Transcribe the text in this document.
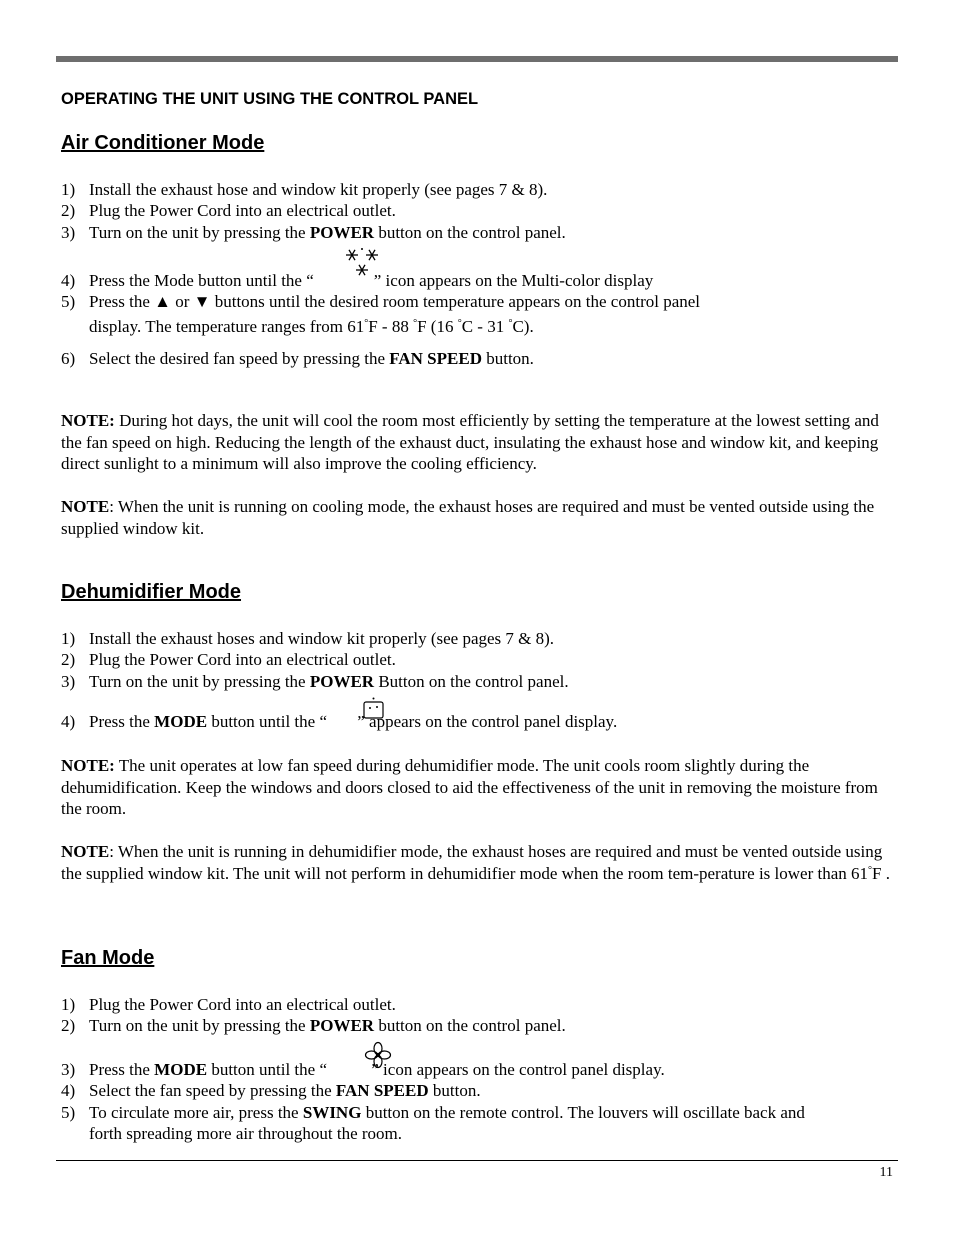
OPERATING THE UNIT USING THE CONTROL PANEL
Air Conditioner Mode
1) Install the exhaust hose and window kit properly (see pages 7 & 8).
2) Plug the Power Cord into an electrical outlet.
3) Turn on the unit by pressing the POWER button on the control panel.
4) Press the Mode button until the “	” icon appears on the Multi-color display
5) Press the ▲ or ▼ buttons until the desired room temperature appears on the control panel
display. The temperature ranges from 61°F - 88 °F (16 °C - 31 °C).
6) Select the desired fan speed by pressing the FAN SPEED button.
NOTE: During hot days, the unit will cool the room most efficiently by setting the temperature at the lowest setting and the fan speed on high. Reducing the length of the exhaust duct, insulating the exhaust hose and window kit, and keeping direct sunlight to a minimum will also improve the cooling efficiency.
NOTE: When the unit is running on cooling mode, the exhaust hoses are required and must be vented outside using the supplied window kit.
Dehumidifier Mode
1) Install the exhaust hoses and window kit properly (see pages 7 & 8).
2) Plug the Power Cord into an electrical outlet.
3) Turn on the unit by pressing the POWER Button on the control panel.
4) Press the MODE button until the “ ” appears on the control panel display.
NOTE: The unit operates at low fan speed during dehumidifier mode. The unit cools room slightly during the dehumidification. Keep the windows and doors closed to aid the effectiveness of the unit in removing the moisture from the room.
NOTE: When the unit is running in dehumidifier mode, the exhaust hoses are required and must be vented outside using the supplied window kit. The unit will not perform in dehumidifier mode when the room tem-perature is lower than 61°F .
Fan Mode
1) Plug the Power Cord into an electrical outlet.
2) Turn on the unit by pressing the POWER button on the control panel.
3) Press the MODE button until the “ ” icon appears on the control panel display.
4) Select the fan speed by pressing the FAN SPEED button.
5) To circulate more air, press the SWING button on the remote control. The louvers will oscillate back and
forth spreading more air throughout the room.
11
